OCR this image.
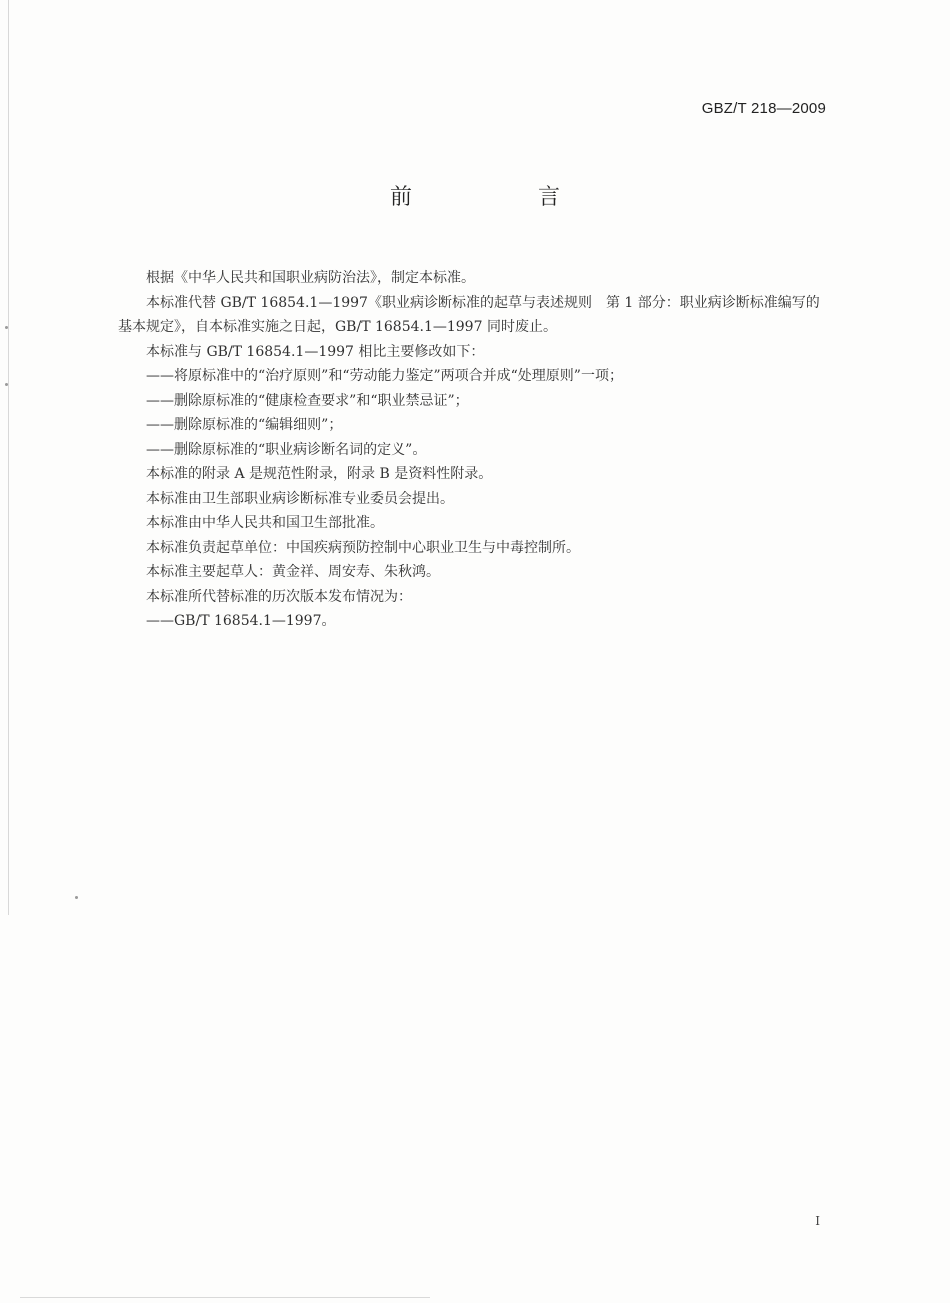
GBZ/T 218—2009
前　言

根据《中华人民共和国职业病防治法》，制定本标准。

本标准代替 GB/T 16854.1—1997《职业病诊断标准的起草与表述规则　第 1 部分：职业病诊断标准编写的基本规定》，自本标准实施之日起，GB/T 16854.1—1997 同时废止。

本标准与 GB/T 16854.1—1997 相比主要修改如下：

——将原标准中的“治疗原则”和“劳动能力鉴定”两项合并成“处理原则”一项；

——删除原标准的“健康检查要求”和“职业禁忌证”；

——删除原标准的“编辑细则”；

——删除原标准的“职业病诊断名词的定义”。

本标准的附录 A 是规范性附录，附录 B 是资料性附录。

本标准由卫生部职业病诊断标准专业委员会提出。

本标准由中华人民共和国卫生部批准。

本标准负责起草单位：中国疾病预防控制中心职业卫生与中毒控制所。

本标准主要起草人：黄金祥、周安寿、朱秋鸿。

本标准所代替标准的历次版本发布情况为：

——GB/T 16854.1—1997。

I
